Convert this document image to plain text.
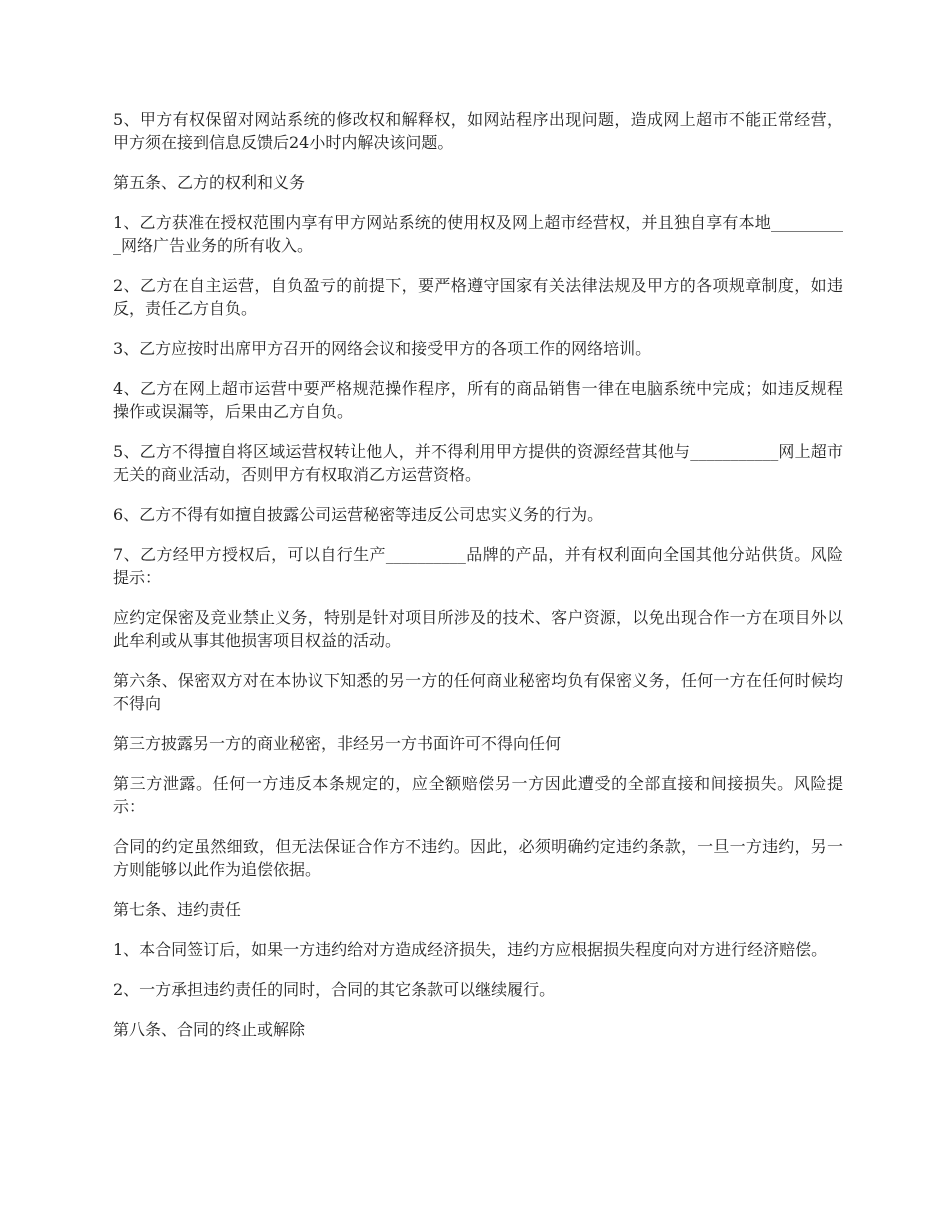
5、甲方有权保留对网站系统的修改权和解释权，如网站程序出现问题，造成网上超市不能正常经营，甲方须在接到信息反馈后24小时内解决该问题。

第五条、乙方的权利和义务

1、乙方获准在授权范围内享有甲方网站系统的使用权及网上超市经营权，并且独自享有本地__________网络广告业务的所有收入。

2、乙方在自主运营，自负盈亏的前提下，要严格遵守国家有关法律法规及甲方的各项规章制度，如违反，责任乙方自负。

3、乙方应按时出席甲方召开的网络会议和接受甲方的各项工作的网络培训。

4、乙方在网上超市运营中要严格规范操作程序，所有的商品销售一律在电脑系统中完成；如违反规程操作或误漏等，后果由乙方自负。

5、乙方不得擅自将区域运营权转让他人，并不得利用甲方提供的资源经营其他与___________网上超市无关的商业活动，否则甲方有权取消乙方运营资格。

6、乙方不得有如擅自披露公司运营秘密等违反公司忠实义务的行为。

7、乙方经甲方授权后，可以自行生产__________品牌的产品，并有权利面向全国其他分站供货。风险提示：

应约定保密及竞业禁止义务，特别是针对项目所涉及的技术、客户资源，以免出现合作一方在项目外以此牟利或从事其他损害项目权益的活动。

第六条、保密双方对在本协议下知悉的另一方的任何商业秘密均负有保密义务，任何一方在任何时候均不得向

第三方披露另一方的商业秘密，非经另一方书面许可不得向任何

第三方泄露。任何一方违反本条规定的，应全额赔偿另一方因此遭受的全部直接和间接损失。风险提示：

合同的约定虽然细致，但无法保证合作方不违约。因此，必须明确约定违约条款，一旦一方违约，另一方则能够以此作为追偿依据。

第七条、违约责任

1、本合同签订后，如果一方违约给对方造成经济损失，违约方应根据损失程度向对方进行经济赔偿。

2、一方承担违约责任的同时，合同的其它条款可以继续履行。

第八条、合同的终止或解除
